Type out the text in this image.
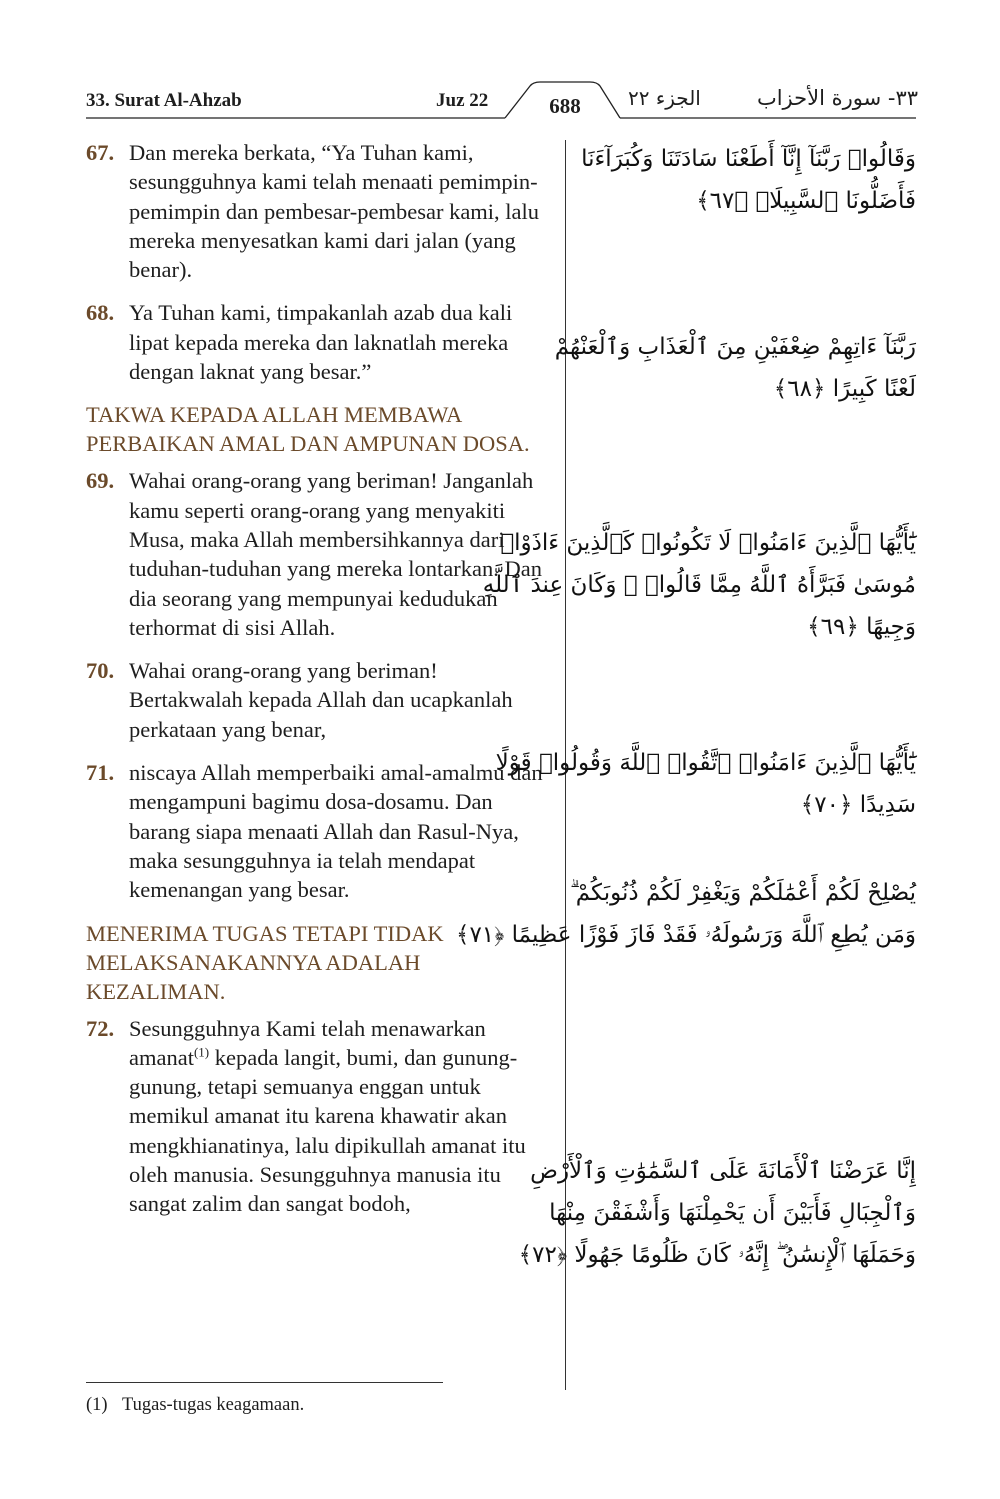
33. Surat Al-Ahzab	Juz 22	688	الجزء ٢٢	٣٣- سورة الأحزاب
67. Dan mereka berkata, “Ya Tuhan kami, sesungguhnya kami telah menaati pemimpin-pemimpin dan pembesar-pembesar kami, lalu mereka menyesatkan kami dari jalan (yang benar).
68. Ya Tuhan kami, timpakanlah azab dua kali lipat kepada mereka dan laknatlah mereka dengan laknat yang besar.”
TAKWA KEPADA ALLAH MEMBAWA PERBAIKAN AMAL DAN AMPUNAN DOSA.
69. Wahai orang-orang yang beriman! Janganlah kamu seperti orang-orang yang menyakiti Musa, maka Allah membersihkannya dari tuduhan-tuduhan yang mereka lontarkan. Dan dia seorang yang mempunyai kedudukan terhormat di sisi Allah.
70. Wahai orang-orang yang beriman! Bertakwalah kepada Allah dan ucapkanlah perkataan yang benar,
71. niscaya Allah memperbaiki amal-amalmu dan mengampuni bagimu dosa-dosamu. Dan barang siapa menaati Allah dan Rasul-Nya, maka sesungguhnya ia telah mendapat kemenangan yang besar.
MENERIMA TUGAS TETAPI TIDAK MELAKSANAKANNYA ADALAH KEZALIMAN.
72. Sesungguhnya Kami telah menawarkan amanat$^{(1)}$ kepada langit, bumi, dan gunung-gunung, tetapi semuanya enggan untuk memikul amanat itu karena khawatir akan mengkhianatinya, lalu dipikullah amanat itu oleh manusia. Sesungguhnya manusia itu sangat zalim dan sangat bodoh,
وَقَالُوا۟ رَبَّنَآ إِنَّآ أَطَعْنَا سَادَتَنَا وَكُبَرَآءَنَا
فَأَضَلُّونَا ٱلسَّبِيلَا۠ ﴿٦٧﴾
رَبَّنَآ ءَاتِهِمْ ضِعْفَيْنِ مِنَ ٱلْعَذَابِ وَٱلْعَنْهُمْ
لَعْنًا كَبِيرًا ﴿٦٨﴾
يَٰٓأَيُّهَا ٱلَّذِينَ ءَامَنُوا۟ لَا تَكُونُوا۟ كَٱلَّذِينَ ءَاذَوْا۟
مُوسَىٰ فَبَرَّأَهُ ٱللَّهُ مِمَّا قَالُوا۟ ۚ وَكَانَ عِندَ ٱللَّهِ
وَجِيهًا ﴿٦٩﴾
يَٰٓأَيُّهَا ٱلَّذِينَ ءَامَنُوا۟ ٱتَّقُوا۟ ٱللَّهَ وَقُولُوا۟ قَوْلًا
سَدِيدًا ﴿٧٠﴾
يُصْلِحْ لَكُمْ أَعْمَٰلَكُمْ وَيَغْفِرْ لَكُمْ ذُنُوبَكُمْ ۗ
وَمَن يُطِعِ ٱللَّهَ وَرَسُولَهُۥ فَقَدْ فَازَ فَوْزًا عَظِيمًا ﴿٧١﴾
إِنَّا عَرَضْنَا ٱلْأَمَانَةَ عَلَى ٱلسَّمَٰوَٰتِ وَٱلْأَرْضِ
وَٱلْجِبَالِ فَأَبَيْنَ أَن يَحْمِلْنَهَا وَأَشْفَقْنَ مِنْهَا
وَحَمَلَهَا ٱلْإِنسَٰنُ ۖ إِنَّهُۥ كَانَ ظَلُومًا جَهُولًا ﴿٧٢﴾
(1) Tugas-tugas keagamaan.
